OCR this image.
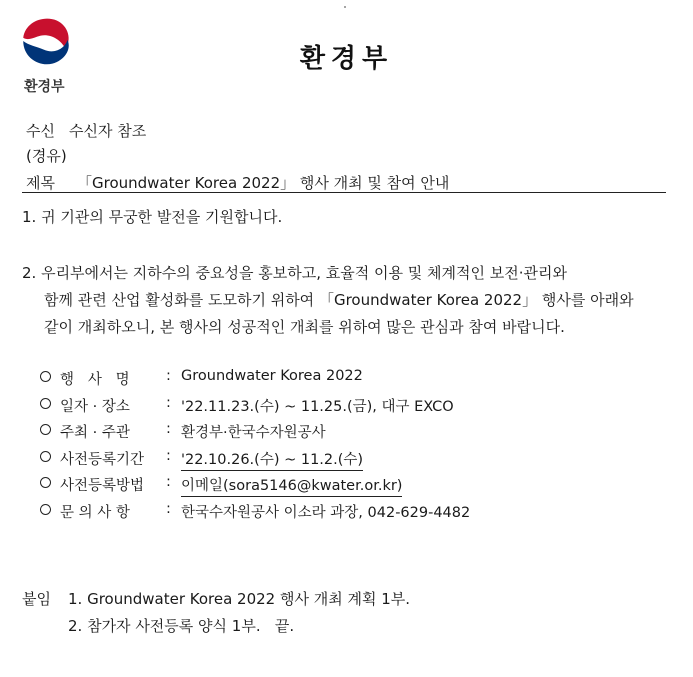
환경부
환경부
수신 수신자 참조
(경유)
제목 「Groundwater Korea 2022」 행사 개최 및 참여 안내
1. 귀 기관의 무궁한 발전을 기원합니다.
2. 우리부에서는 지하수의 중요성을 홍보하고, 효율적 이용 및 체계적인 보전·관리와
함께 관련 산업 활성화를 도모하기 위하여 「Groundwater Korea 2022」 행사를 아래와
같이 개최하오니, 본 행사의 성공적인 개최를 위하여 많은 관심과 참여 바랍니다.
행   사   명	: Groundwater Korea 2022
일자 · 장소	: '22.11.23.(수) ~ 11.25.(금), 대구 EXCO
주최 · 주관	: 환경부·한국수자원공사
사전등록기간	: '22.10.26.(수) ~ 11.2.(수)
사전등록방법	: 이메일(sora5146@kwater.or.kr)
문 의 사 항	: 한국수자원공사 이소라 과장, 042-629-4482
붙임 1. Groundwater Korea 2022 행사 개최 계획 1부.
2. 참가자 사전등록 양식 1부.   끝.
